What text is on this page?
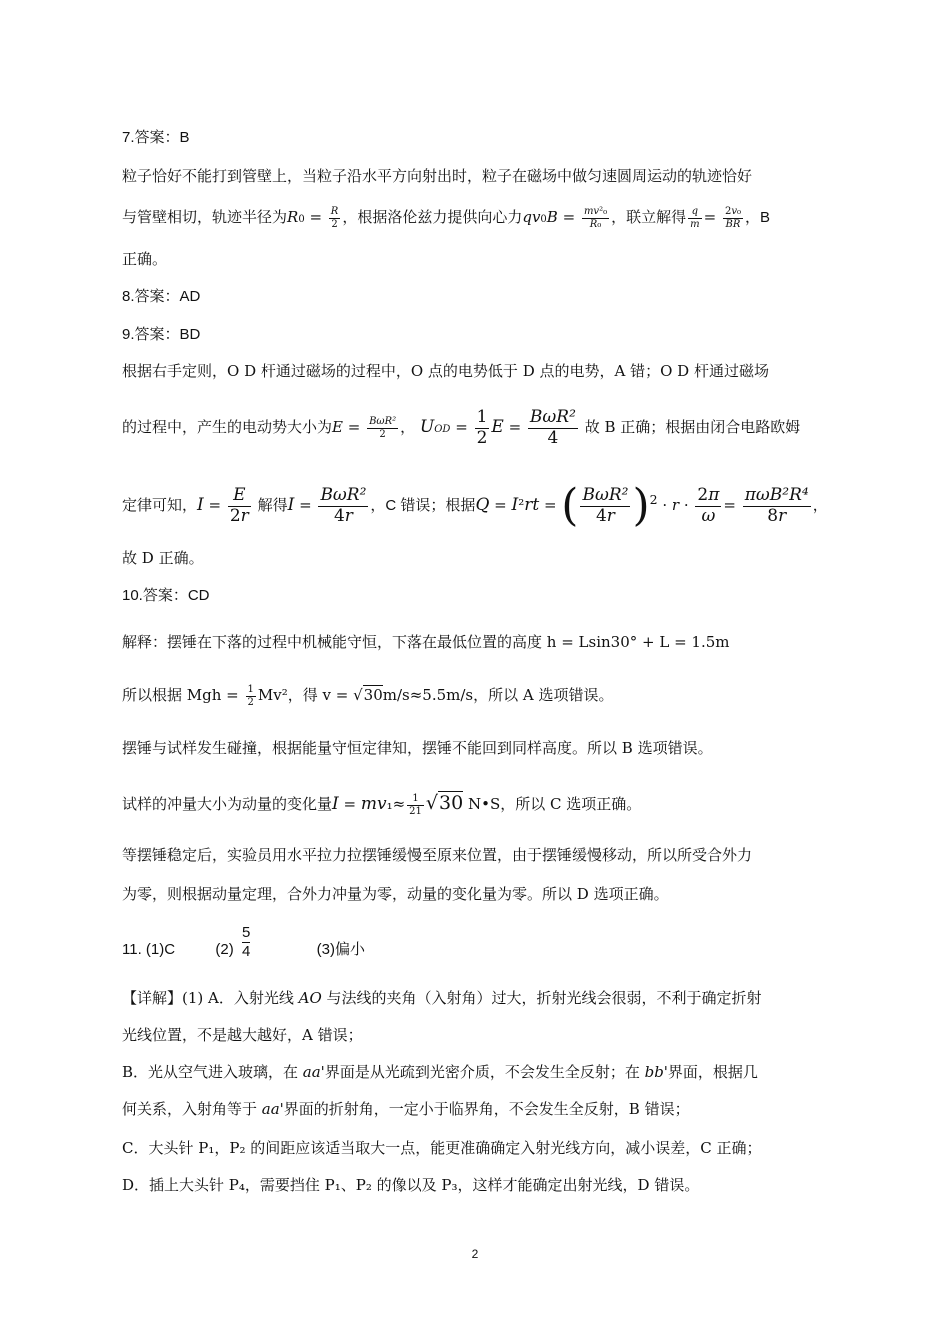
7.答案：B
粒子恰好不能打到管壁上，当粒子沿水平方向射出时，粒子在磁场中做匀速圆周运动的轨迹恰好
与管壁相切，轨迹半径为$R0 = \frac{R}{2}$ ，根据洛伦兹力提供向心力$qv0B = \frac{\text{mv²₀}}{\text{R₀}}$ ，联立解得 $\frac{q}{m} = \frac{\text{2v₀}}{BR}$ ，B
正确。
8.答案：AD
9.答案：BD
根据右手定则，O D 杆通过磁场的过程中，O 点的电势低于 D 点的电势，A 错；O D 杆通过磁场
的过程中，产生的电动势大小为$E = \frac{\text{BωR²}}{2}$ ， UOD = $\frac{1}{2}$ $E = \frac{\text{BωR²}}{4}$ 故 B 正确；根据由闭合电路欧姆
定律可知，$I = \frac{E}{2r}$ 解得$I = \frac{\text{BωR²}}{4r}$ ，C 错误；根据Q = I²rt = ( $\frac{\text{BωR²}}{4r} )^2 \cdot r \cdot \frac{2\pi}{\omega} = \frac{\text{πωB²R⁴}}{8r}$ ，
故 D 正确。
10.答案：CD
解释：摆锤在下落的过程中机械能守恒，下落在最低位置的高度 h = Lsin30° + L = 1.5m
所以根据 Mgh = $\frac{1}{2} Mv^2$，得 v = √30m/s≈5.5m/s，所以 A 选项错误。
摆锤与试样发生碰撞，根据能量守恒定律知，摆锤不能回到同样高度。所以 B 选项错误。
试样的冲量大小为动量的变化量$I = mv_1\approx \frac{1}{21} √30$ N•S，所以 C 选项正确。
等摆锤稳定后，实验员用水平拉力拉摆锤缓慢至原来位置，由于摆锤缓慢移动，所以所受合外力
为零，则根据动量定理，合外力冲量为零，动量的变化量为零。所以 D 选项正确。
11. (1)C	$(2) \frac{5}{4}$	(3)偏小
【详解】(1) A．入射光线 AO 与法线的夹角（入射角）过大，折射光线会很弱，不利于确定折射
光线位置，不是越大越好，A 错误；
B．光从空气进入玻璃，在 aa'界面是从光疏到光密介质，不会发生全反射；在 bb'界面，根据几
何关系，入射角等于 aa'界面的折射角，一定小于临界角，不会发生全反射，B 错误；
C．大头针 P₁，P₂ 的间距应该适当取大一点，能更准确确定入射光线方向，减小误差，C 正确；
D．插上大头针 P₄，需要挡住 P₁、P₂ 的像以及 P₃，这样才能确定出射光线，D 错误。
2
